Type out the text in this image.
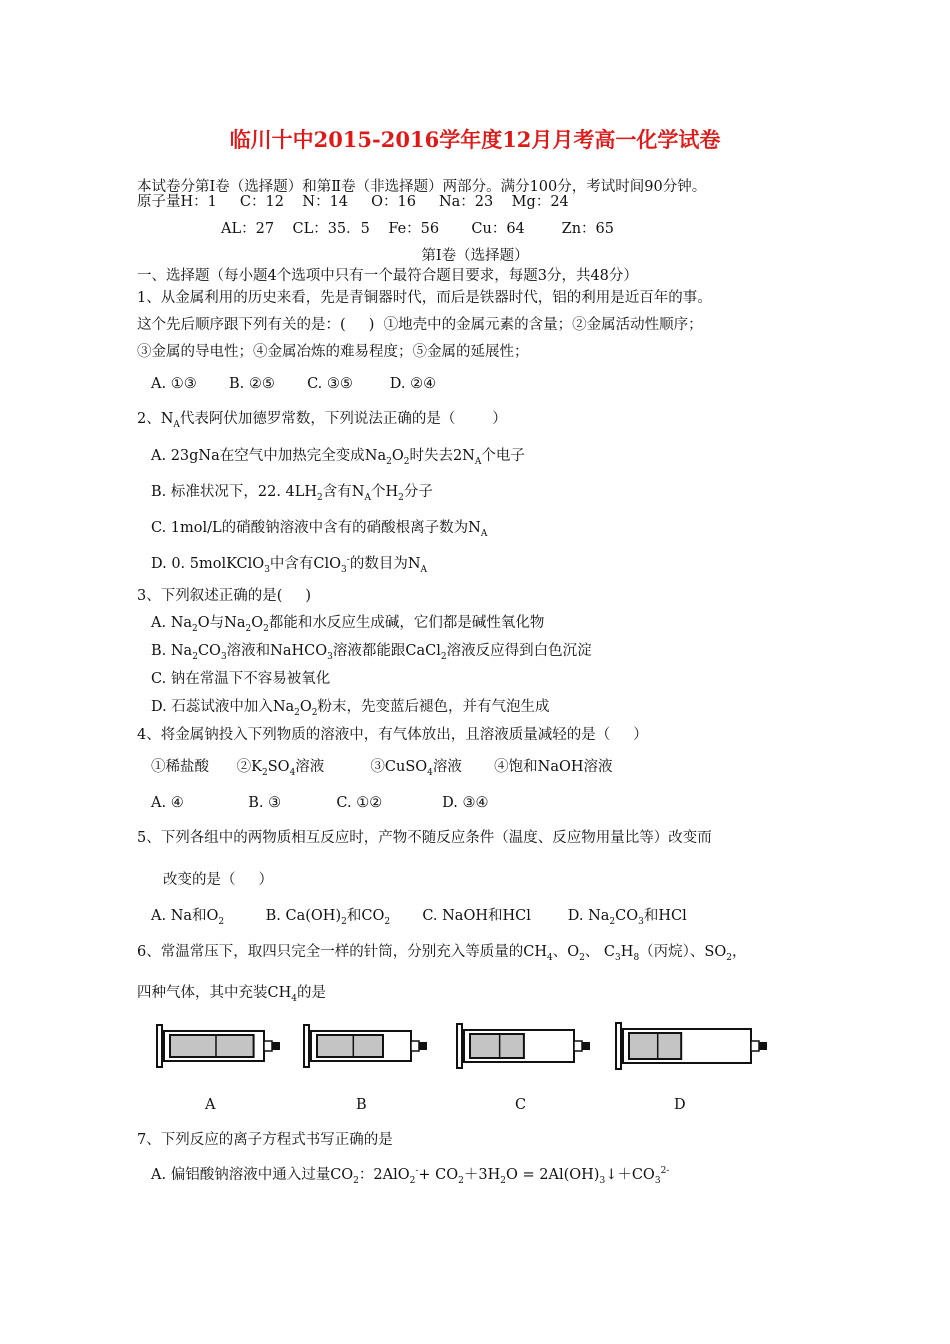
临川十中2015-2016学年度12月月考高一化学试卷
本试卷分第Ⅰ卷（选择题）和第Ⅱ卷（非选择题）两部分。满分100分，考试时间90分钟。
原子量H：1     C：12    N：14     O：16     Na：23    Mg：24
AL：27    CL：35．5    Fe：56       Cu：64        Zn：65
第Ⅰ卷（选择题）
一、选择题（每小题4个选项中只有一个最符合题目要求，每题3分，共48分）
1、从金属利用的历史来看，先是青铜器时代，而后是铁器时代，铝的利用是近百年的事。
这个先后顺序跟下列有关的是：(     )  ①地壳中的金属元素的含量；②金属活动性顺序；
③金属的导电性；④金属冶炼的难易程度；⑤金属的延展性；
A. ①③       B. ②⑤       C. ③⑤        D. ②④
2、$N_A$代表阿伏加德罗常数，下列说法正确的是（        ）
A. 23gNa在空气中加热完全变成$Na_2O_2$时失去$2N_A$个电子
B. 标准状况下，22. $4LH_2$含有$N_A$个$H_2$分子
C. 1mol/L的硝酸钠溶液中含有的硝酸根离子数为$N_A$
D. 0. 5molKClO$_3$中含有ClO$_3$-的数目为$N_A$
3、下列叙述正确的是(     )
A. $Na_2O$与$Na_2O_2$都能和水反应生成碱，它们都是碱性氧化物
B. $Na_2CO_3$溶液和NaHCO$_3$溶液都能跟CaCl$_2$溶液反应得到白色沉淀
C. 钠在常温下不容易被氧化
D. 石蕊试液中加入$Na_2O_2$粉末，先变蓝后褪色，并有气泡生成
4、将金属钠投入下列物质的溶液中，有气体放出，且溶液质量减轻的是（     ）
①稀盐酸      $②K_2SO_4$溶液          ③CuSO$_4$溶液       ④饱和NaOH溶液
A. ④              B. ③            C. ①②             D. ③④
5、下列各组中的两物质相互反应时，产物不随反应条件（温度、反应物用量比等）改变而
改变的是（     ）
A. Na和$O_2$         B. $Ca(OH)_2$和$CO_2$       C. NaOH和HCl        D. $Na_2CO_3$和HCl
6、常温常压下，取四只完全一样的针筒，分别充入等质量的$CH_4$、$O_2$、 $C_3H_8$（丙烷）、$SO_2$，
四种气体，其中充装$CH_4$的是
A	B	C	D
7、下列反应的离子方程式书写正确的是
A. 偏铝酸钠溶液中通入过量$CO_2$：$2AlO_2^-+ CO_2+3H_2O$ = $2Al(OH)_3↓+CO_3^{2-}$
